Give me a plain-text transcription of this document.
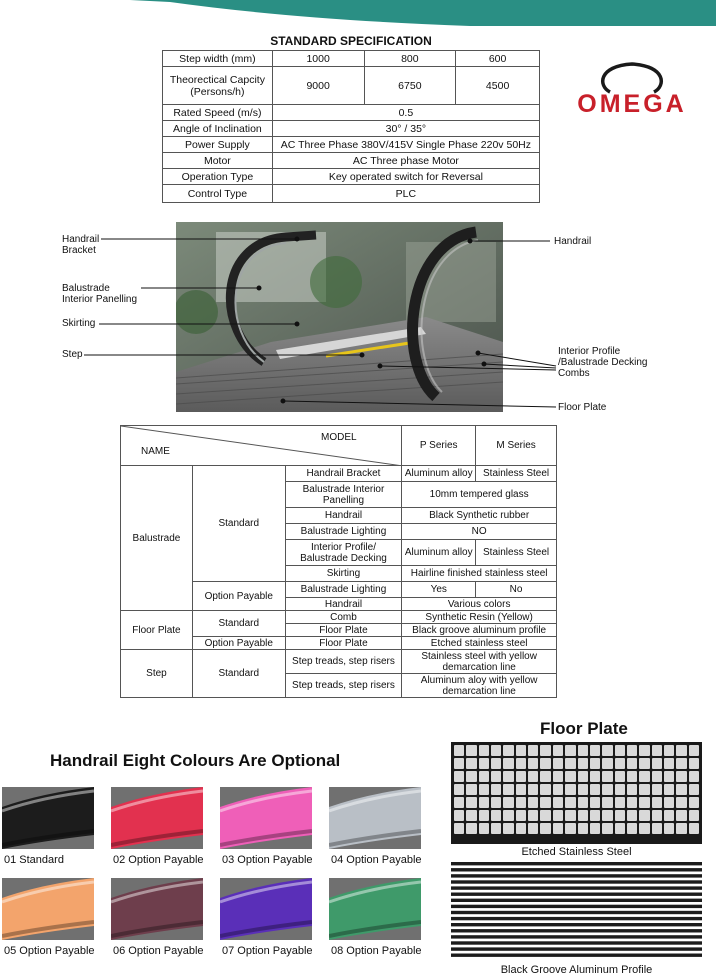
STANDARD SPECIFICATION
Step width (mm)	1000	800	600
Theorectical Capcity (Persons/h)	9000	6750	4500
Rated Speed (m/s)	0.5		
Angle of Inclination	30° / 35°		
Power Supply	AC Three Phase 380V/415V Single Phase 220v 50Hz		
Motor	AC Three phase Motor		
Operation Type	Key operated switch for Reversal		
Control Type	PLC		
OMEGA
Handrail Bracket
Balustrade Interior Panelling
Skirting
Step
Handrail
Interior Profile /Balustrade Decking Combs
Floor Plate
MODEL
NAME			P Series	M Series
Balustrade	Standard	Handrail Bracket	Aluminum alloy	Stainless Steel
		Balustrade Interior Panelling	10mm tempered glass	
		Handrail	Black Synthetic rubber	
		Balustrade Lighting	NO	
		Interior Profile/ Balustrade Decking	Aluminum alloy	Stainless Steel
		Skirting	Hairline finished stainless steel	
	Option Payable	Balustrade Lighting	Yes	No
		Handrail	Various colors	
Floor Plate	Standard	Comb	Synthetic Resin (Yellow)	
		Floor Plate	Black groove aluminum profile	
	Option Payable	Floor Plate	Etched stainless steel	
Step	Standard	Step treads, step risers	Stainless steel with yellow demarcation line	
		Step treads, step risers	Aluminum aloy with yellow demarcation line	
Handrail Eight Colours Are Optional
01 Standard	02 Option Payable	03 Option Payable	04 Option Payable
05 Option Payable	06 Option Payable	07 Option Payable	08 Option Payable
Floor Plate
Etched Stainless Steel
Black Groove Aluminum Profile
